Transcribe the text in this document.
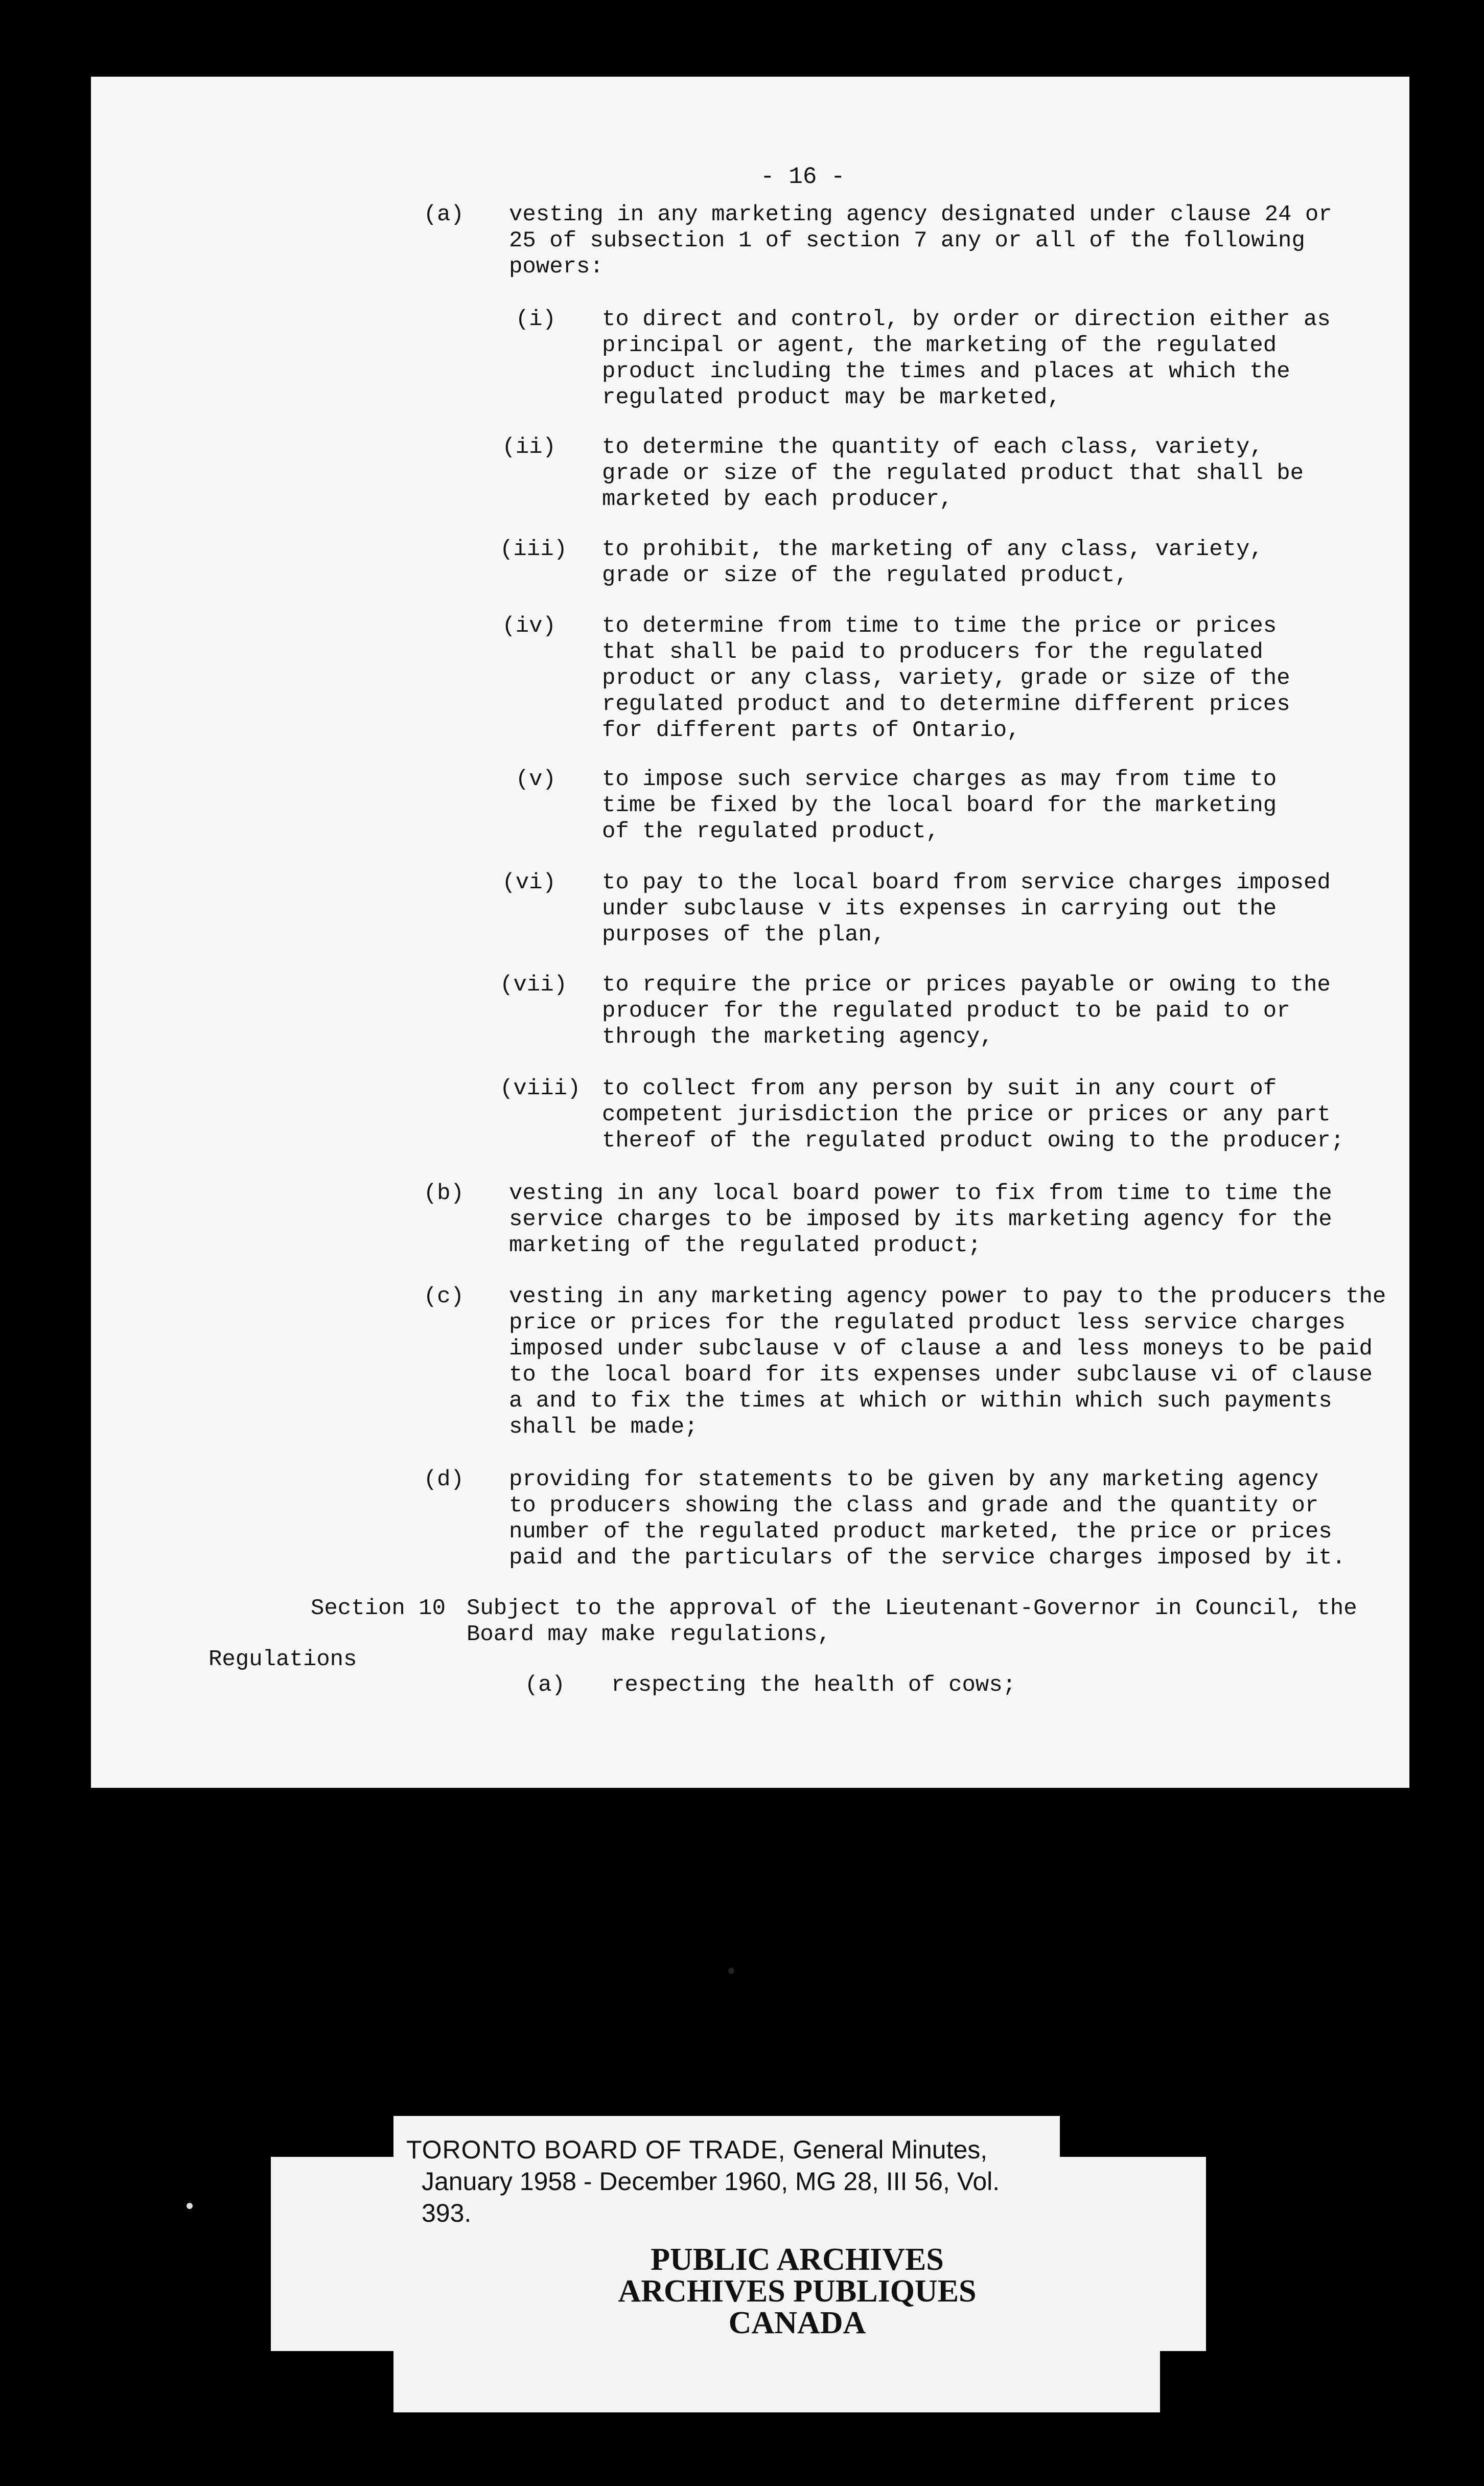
- 16 -
(a) vesting in any marketing agency designated under clause 24 or
25 of subsection 1 of section 7 any or all of the following
powers:
(i) to direct and control, by order or direction either as
principal or agent, the marketing of the regulated
product including the times and places at which the
regulated product may be marketed,
(ii) to determine the quantity of each class, variety,
grade or size of the regulated product that shall be
marketed by each producer,
(iii) to prohibit, the marketing of any class, variety,
grade or size of the regulated product,
(iv) to determine from time to time the price or prices
that shall be paid to producers for the regulated
product or any class, variety, grade or size of the
regulated product and to determine different prices
for different parts of Ontario,
(v) to impose such service charges as may from time to
time be fixed by the local board for the marketing
of the regulated product,
(vi) to pay to the local board from service charges imposed
under subclause v its expenses in carrying out the
purposes of the plan,
(vii) to require the price or prices payable or owing to the
producer for the regulated product to be paid to or
through the marketing agency,
(viii) to collect from any person by suit in any court of
competent jurisdiction the price or prices or any part
thereof of the regulated product owing to the producer;
(b) vesting in any local board power to fix from time to time the
service charges to be imposed by its marketing agency for the
marketing of the regulated product;
(c) vesting in any marketing agency power to pay to the producers the
price or prices for the regulated product less service charges
imposed under subclause v of clause a and less moneys to be paid
to the local board for its expenses under subclause vi of clause
a and to fix the times at which or within which such payments
shall be made;
(d) providing for statements to be given by any marketing agency
to producers showing the class and grade and the quantity or
number of the regulated product marketed, the price or prices
paid and the particulars of the service charges imposed by it.
Subject to the approval of the Lieutenant-Governor in Council, the
Board may make regulations,
(a) respecting the health of cows;
Section 10
Regulations
TORONTO BOARD OF TRADE, General Minutes,
January 1958 - December 1960, MG 28, III 56, Vol. 393.
PUBLIC ARCHIVES
ARCHIVES PUBLIQUES
CANADA
